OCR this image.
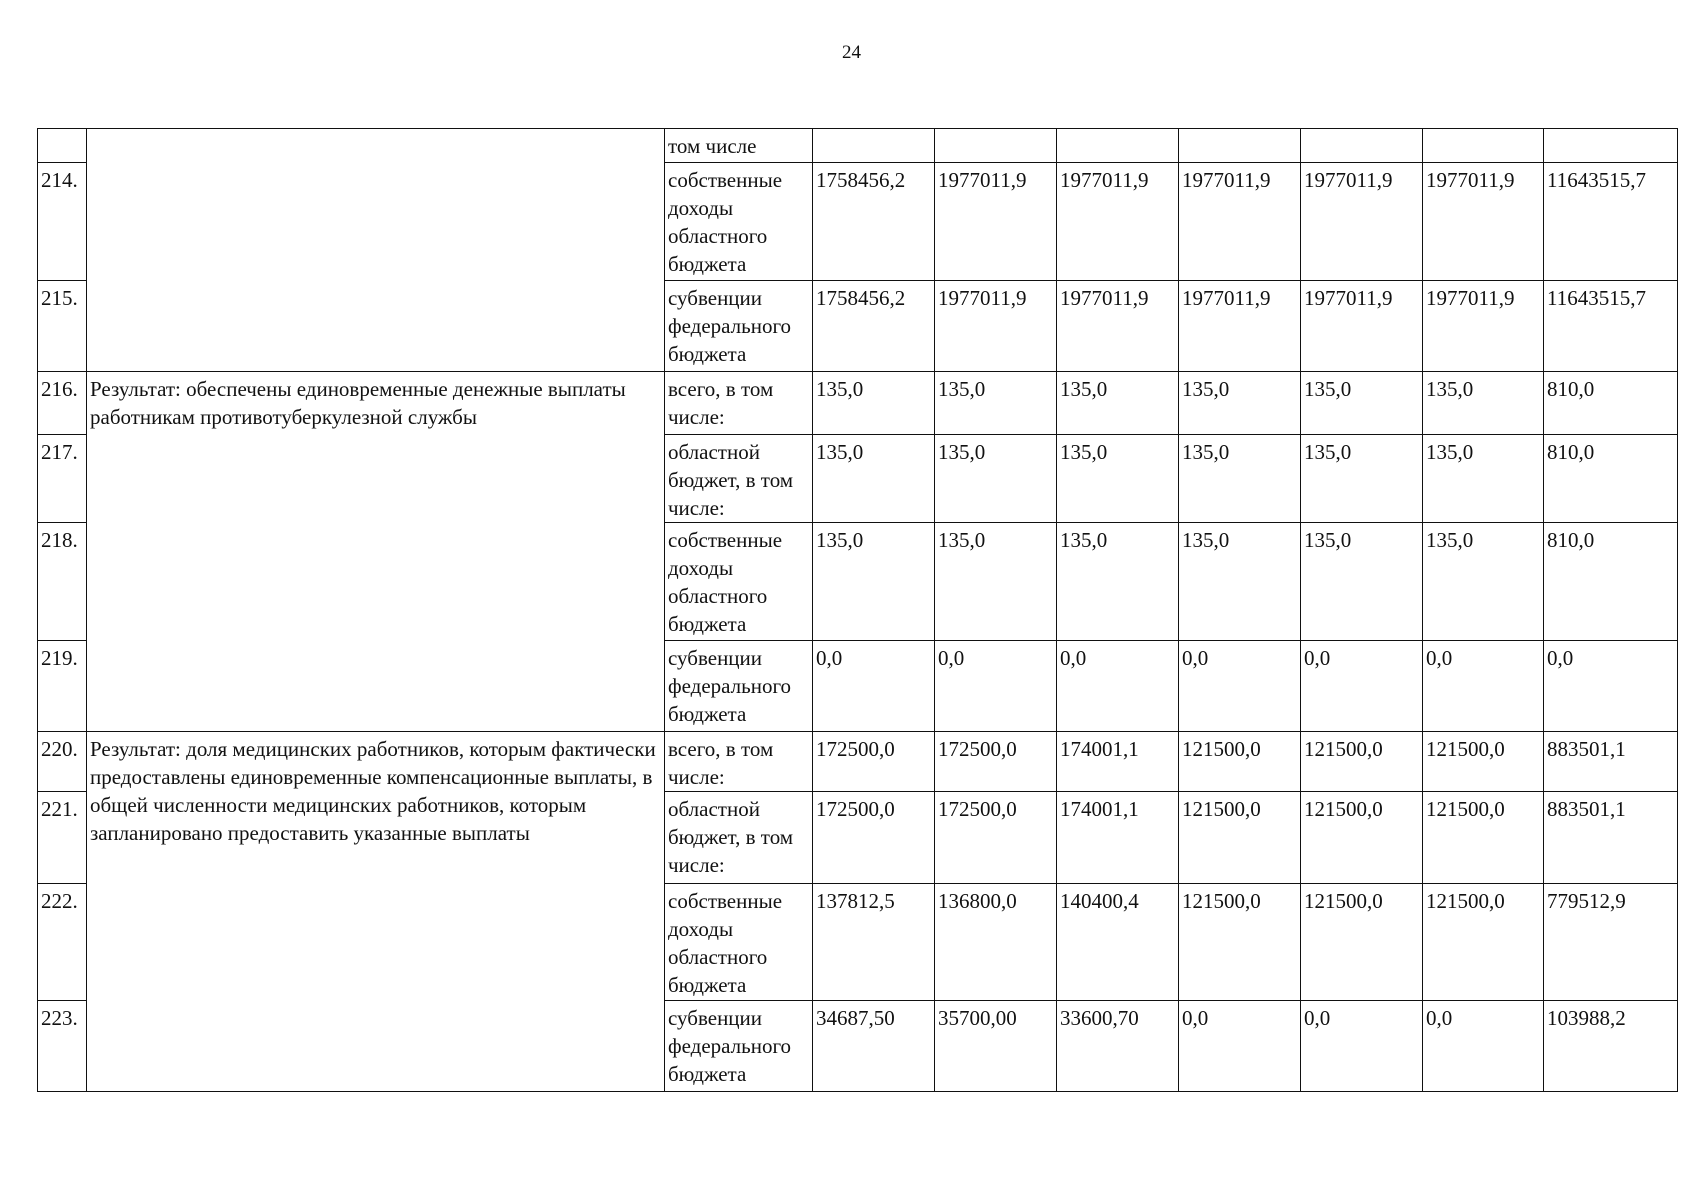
24
		том числе							
214.		собственные доходы областного бюджета	1758456,2	1977011,9	1977011,9	1977011,9	1977011,9	1977011,9	11643515,7
215.		субвенции федерального бюджета	1758456,2	1977011,9	1977011,9	1977011,9	1977011,9	1977011,9	11643515,7
216.	Результат: обеспечены единовременные денежные выплаты работникам противотуберкулезной службы	всего, в том числе:	135,0	135,0	135,0	135,0	135,0	135,0	810,0
217.		областной бюджет, в том числе:	135,0	135,0	135,0	135,0	135,0	135,0	810,0
218.		собственные доходы областного бюджета	135,0	135,0	135,0	135,0	135,0	135,0	810,0
219.		субвенции федерального бюджета	0,0	0,0	0,0	0,0	0,0	0,0	0,0
220.	Результат: доля медицинских работников, которым фактически предоставлены единовременные компенсационные выплаты, в общей численности медицинских работников, которым запланировано предоставить указанные выплаты	всего, в том числе:	172500,0	172500,0	174001,1	121500,0	121500,0	121500,0	883501,1
221.		областной бюджет, в том числе:	172500,0	172500,0	174001,1	121500,0	121500,0	121500,0	883501,1
222.		собственные доходы областного бюджета	137812,5	136800,0	140400,4	121500,0	121500,0	121500,0	779512,9
223.		субвенции федерального бюджета	34687,50	35700,00	33600,70	0,0	0,0	0,0	103988,2
